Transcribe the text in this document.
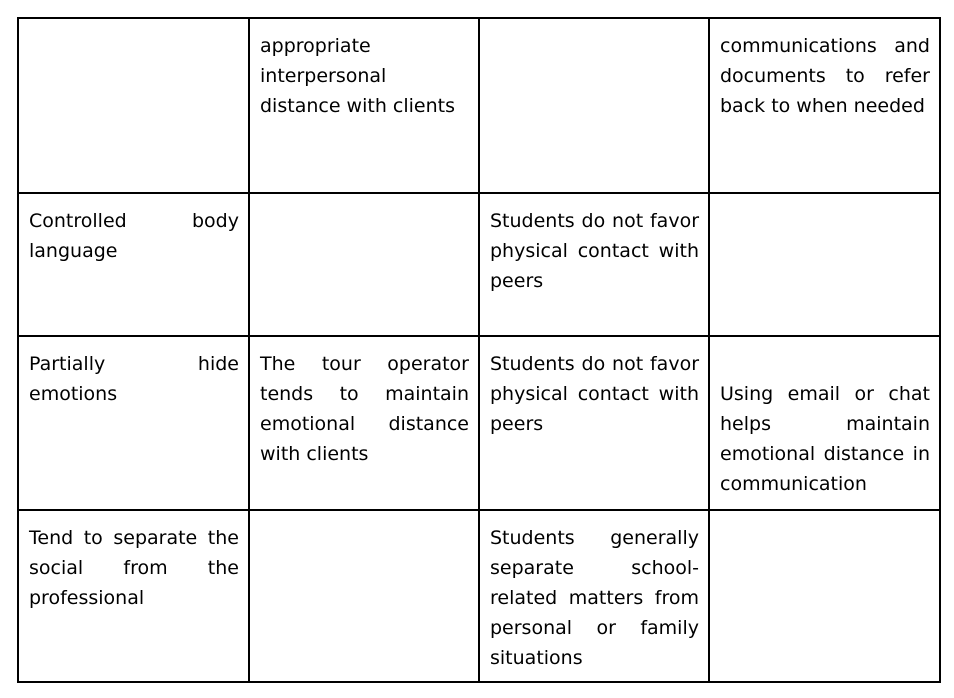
	appropriate interpersonal distance with clients		communications and documents to refer back to when needed

Controlled body language		Students do not favor physical contact with peers	

Partially hide emotions	The tour operator tends to maintain emotional distance with clients	Students do not favor physical contact with peers	Using email or chat helps maintain emotional distance in communication

Tend to separate the social from the professional		Students generally separate school-related matters from personal or family situations	
